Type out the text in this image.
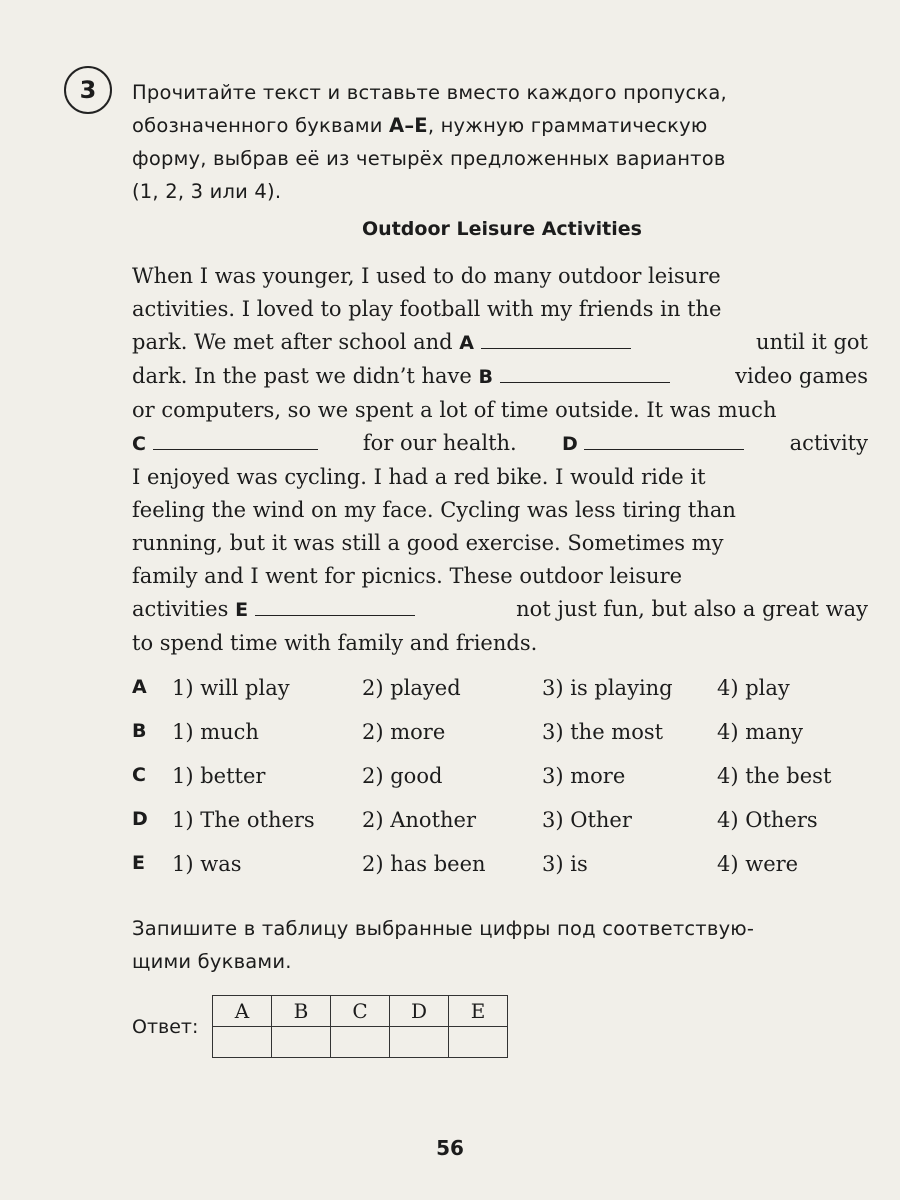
3 Прочитайте текст и вставьте вместо каждого пропуска,
обозначенного буквами A–E, нужную грамматическую
форму, выбрав её из четырёх предложенных вариантов
(1, 2, 3 или 4).
Outdoor Leisure Activities
When I was younger, I used to do many outdoor leisure
activities. I loved to play football with my friends in the
park. We met after school and A	until it got
dark. In the past we didn’t have B	video games
or computers, so we spent a lot of time outside. It was much
C	for our health. D	activity
I enjoyed was cycling. I had a red bike. I would ride it
feeling the wind on my face. Cycling was less tiring than
running, but it was still a good exercise. Sometimes my
family and I went for picnics. These outdoor leisure
activities E	not just fun, but also a great way
to spend time with family and friends.
A 1) will play	2) played	3) is playing 4) play
B 1) much	2) more	3) the most	4) many
C 1) better	2) good	3) more	4) the best
D 1) The others 2) Another	3) Other	4) Others
E 1) was	2) has been	3) is	4) were
Запишите в таблицу выбранные цифры под соответствую-
щими буквами.
Ответ:
A	B	C	D	E

56
